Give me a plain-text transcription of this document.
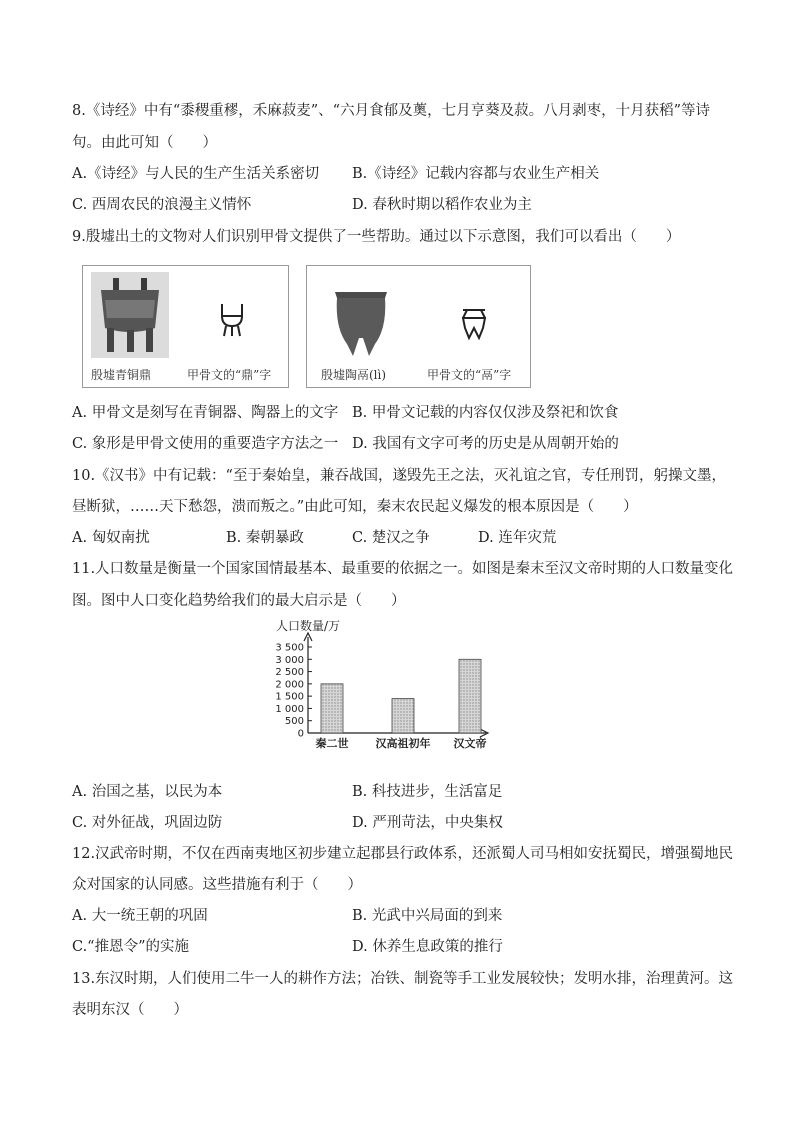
8.《诗经》中有“黍稷重穋，禾麻菽麦”、“六月食郁及薁，七月亨葵及菽。八月剥枣，十月获稻”等诗
句。由此可知（　　）
A.《诗经》与人民的生产生活关系密切 B.《诗经》记载内容都与农业生产相关
C. 西周农民的浪漫主义情怀	D. 春秋时期以稻作农业为主
9.殷墟出土的文物对人们识别甲骨文提供了一些帮助。通过以下示意图，我们可以看出（　　）
殷墟青铜鼎	甲骨文的“鼎”字	殷墟陶鬲(lì)	甲骨文的“鬲”字
A. 甲骨文是刻写在青铜器、陶器上的文字 B. 甲骨文记载的内容仅仅涉及祭祀和饮食
C. 象形是甲骨文使用的重要造字方法之一 D. 我国有文字可考的历史是从周朝开始的
10.《汉书》中有记载：“至于秦始皇，兼吞战国，遂毁先王之法，灭礼谊之官，专任刑罚，躬操文墨，
昼断狱，……天下愁怨，溃而叛之。”由此可知，秦末农民起义爆发的根本原因是（　　）
A. 匈奴南扰	B. 秦朝暴政	C. 楚汉之争	D. 连年灾荒
11.人口数量是衡量一个国家国情最基本、最重要的依据之一。如图是秦末至汉文帝时期的人口数量变化
图。图中人口变化趋势给我们的最大启示是（　　）
人口数量/万
0
500
1 000
1 500
2 000
2 500
3 000
3 500
秦二世 汉高祖初年 汉文帝
A. 治国之基，以民为本	B. 科技进步，生活富足
C. 对外征战，巩固边防	D. 严刑苛法，中央集权
12.汉武帝时期，不仅在西南夷地区初步建立起郡县行政体系，还派蜀人司马相如安抚蜀民，增强蜀地民
众对国家的认同感。这些措施有利于（　　）
A. 大一统王朝的巩固	B. 光武中兴局面的到来
C.“推恩令”的实施	D. 休养生息政策的推行
13.东汉时期，人们使用二牛一人的耕作方法；冶铁、制瓷等手工业发展较快；发明水排，治理黄河。这
表明东汉（　　）
